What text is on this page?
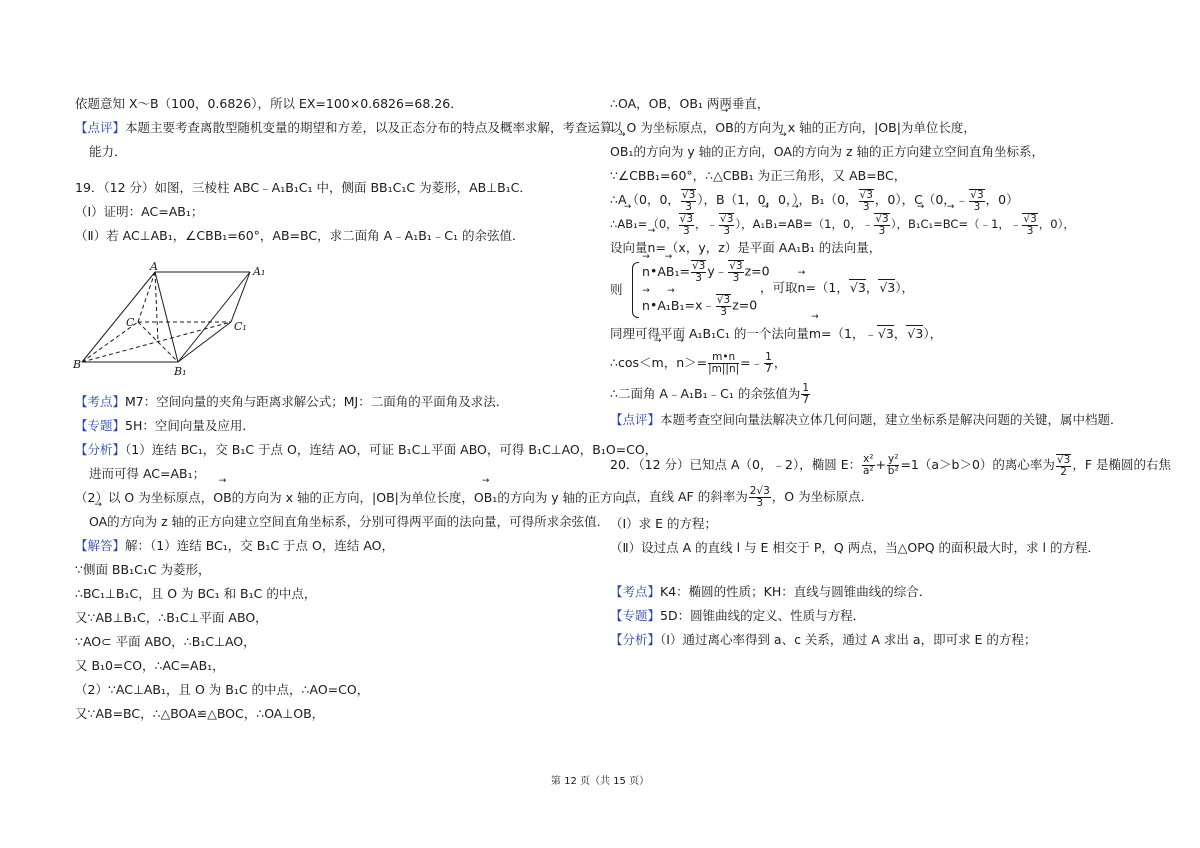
依题意知 X～B（100，0.6826），所以 EX=100×0.6826=68.26．
【点评】本题主要考查离散型随机变量的期望和方差，以及正态分布的特点及概率求解，考查运算
能力．
19．（12 分）如图，三棱柱 ABC﹣A₁B₁C₁ 中，侧面 BB₁C₁C 为菱形，AB⊥B₁C．
（Ⅰ）证明：AC=AB₁；
（Ⅱ）若 AC⊥AB₁，∠CBB₁=60°，AB=BC，求二面角 A﹣A₁B₁﹣C₁ 的余弦值．
【考点】M7：空间向量的夹角与距离求解公式；MJ：二面角的平面角及求法．
【专题】5H：空间向量及应用．
【分析】（1）连结 BC₁，交 B₁C 于点 O，连结 AO，可证 B₁C⊥平面 ABO，可得 B₁C⊥AO，B₁O=CO，
进而可得 AC=AB₁；
（2）以 O 为坐标原点，→ OB的方向为 x 轴的正方向，|OB|为单位长度，→ OB₁的方向为 y 轴的正方向，
→ OA的方向为 z 轴的正方向建立空间直角坐标系，分别可得两平面的法向量，可得所求余弦值．
【解答】解：（1）连结 BC₁，交 B₁C 于点 O，连结 AO，
∵侧面 BB₁C₁C 为菱形，
∴BC₁⊥B₁C，且 O 为 BC₁ 和 B₁C 的中点，
又∵AB⊥B₁C，∴B₁C⊥平面 ABO，
∵AO⊂ 平面 ABO，∴B₁C⊥AO，
又 B₁0=CO，∴AC=AB₁，
（2）∵AC⊥AB₁，且 O 为 B₁C 的中点，∴AO=CO，
又∵AB=BC，∴△BOA≌△BOC，∴OA⊥OB，
A	A₁
C	C₁
B
B₁
∴OA，OB，OB₁ 两两垂直，
以 O 为坐标原点，→ OB的方向为 x 轴的正方向，|OB|为单位长度，
→ OB₁的方向为 y 轴的正方向，→ OA的方向为 z 轴的正方向建立空间直角坐标系，
∵∠CBB₁=60°，∴△CBB₁ 为正三角形，又 AB=BC，
∴A（0，0， $\frac{√3}{3}$ ），B（1，0，0，），B₁（0， $\frac{√3}{3}$ ，0），C（0，﹣ $\frac{√3}{3}$ ，0）
∴→ AB₁=（0， $\frac{√3}{3}$ ，﹣ $\frac{√3}{3}$ ），→ A₁B₁=→ AB=（1，0，﹣ $\frac{√3}{3}$ ），→ B₁C₁=→ BC=（﹣1，﹣ $\frac{√3}{3}$ ，0），
设向量→ n=（x，y，z）是平面 AA₁B₁ 的法向量，
则
→ n•→ $AB_1= \frac{√3}{3}$ y﹣ $\frac{√3}{3} z=0$
→ n•→ A₁B₁=x﹣ $\frac{√3}{3} z=0$
，可取→ n=（1，√3，√3），
同理可得平面 A₁B₁C₁ 的一个法向量→ m=（1，﹣√3，√3），
∴cos＜→ m，→ $n>= \frac{m•n}{|m||n|}$ =﹣ $\frac{1}{7}$ ，
∴二面角 A﹣A₁B₁﹣C₁ 的余弦值为 $\frac{1}{7}$
【点评】本题考查空间向量法解决立体几何问题，建立坐标系是解决问题的关键，属中档题．
20．（12 分）已知点 A（0，﹣2），椭圆 E： $\frac{\text{x²}}{\text{a²}} + \frac{\text{y²}}{\text{b²}} =1(a>b>0)$的离心率为 $\frac{√3}{2}$ ，F 是椭圆的右焦
点，直线 AF 的斜率为 $\frac{2√3}{3}$ ，O 为坐标原点．
（Ⅰ）求 E 的方程；
（Ⅱ）设过点 A 的直线 l 与 E 相交于 P，Q 两点，当△OPQ 的面积最大时，求 l 的方程．
【考点】K4：椭圆的性质；KH：直线与圆锥曲线的综合．
【专题】5D：圆锥曲线的定义、性质与方程．
【分析】（Ⅰ）通过离心率得到 a、c 关系，通过 A 求出 a，即可求 E 的方程；
第 12 页（共 15 页）
